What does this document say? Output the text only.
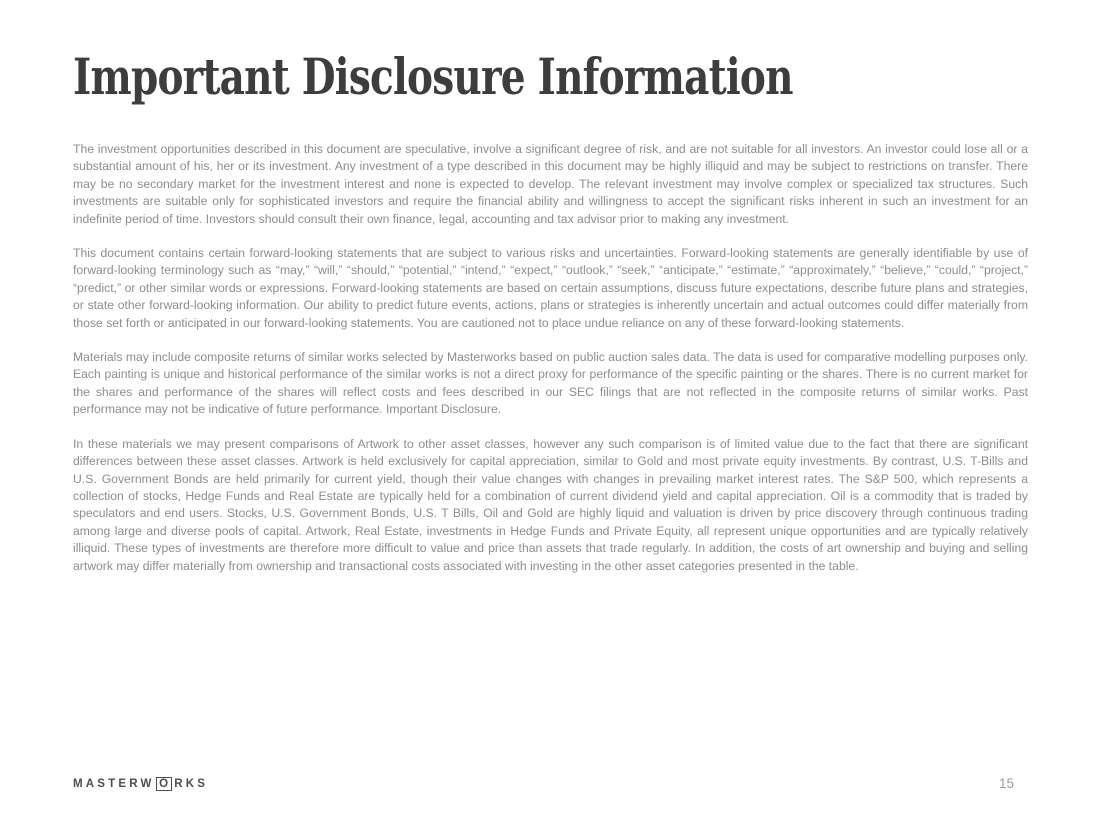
Important Disclosure Information

The investment opportunities described in this document are speculative, involve a significant degree of risk, and are not suitable for all investors. An investor could lose all or a substantial amount of his, her or its investment. Any investment of a type described in this document may be highly illiquid and may be subject to restrictions on transfer. There may be no secondary market for the investment interest and none is expected to develop. The relevant investment may involve complex or specialized tax structures. Such investments are suitable only for sophisticated investors and require the financial ability and willingness to accept the significant risks inherent in such an investment for an indefinite period of time. Investors should consult their own finance, legal, accounting and tax advisor prior to making any investment.

This document contains certain forward-looking statements that are subject to various risks and uncertainties. Forward-looking statements are generally identifiable by use of forward-looking terminology such as “may,” “will,” “should,” “potential,” “intend,” “expect,” “outlook,” “seek,” “anticipate,” “estimate,” “approximately,” “believe,” “could,” “project,” “predict,” or other similar words or expressions. Forward-looking statements are based on certain assumptions, discuss future expectations, describe future plans and strategies, or state other forward-looking information. Our ability to predict future events, actions, plans or strategies is inherently uncertain and actual outcomes could differ materially from those set forth or anticipated in our forward-looking statements. You are cautioned not to place undue reliance on any of these forward-looking statements.

Materials may include composite returns of similar works selected by Masterworks based on public auction sales data. The data is used for comparative modelling purposes only. Each painting is unique and historical performance of the similar works is not a direct proxy for performance of the specific painting or the shares. There is no current market for the shares and performance of the shares will reflect costs and fees described in our SEC filings that are not reflected in the composite returns of similar works. Past performance may not be indicative of future performance. Important Disclosure.

In these materials we may present comparisons of Artwork to other asset classes, however any such comparison is of limited value due to the fact that there are significant differences between these asset classes. Artwork is held exclusively for capital appreciation, similar to Gold and most private equity investments. By contrast, U.S. T-Bills and U.S. Government Bonds are held primarily for current yield, though their value changes with changes in prevailing market interest rates. The S&P 500, which represents a collection of stocks, Hedge Funds and Real Estate are typically held for a combination of current dividend yield and capital appreciation. Oil is a commodity that is traded by speculators and end users. Stocks, U.S. Government Bonds, U.S. T Bills, Oil and Gold are highly liquid and valuation is driven by price discovery through continuous trading among large and diverse pools of capital. Artwork, Real Estate, investments in Hedge Funds and Private Equity, all represent unique opportunities and are typically relatively illiquid. These types of investments are therefore more difficult to value and price than assets that trade regularly. In addition, the costs of art ownership and buying and selling artwork may differ materially from ownership and transactional costs associated with investing in the other asset categories presented in the table.

MASTERW O RKS	15
